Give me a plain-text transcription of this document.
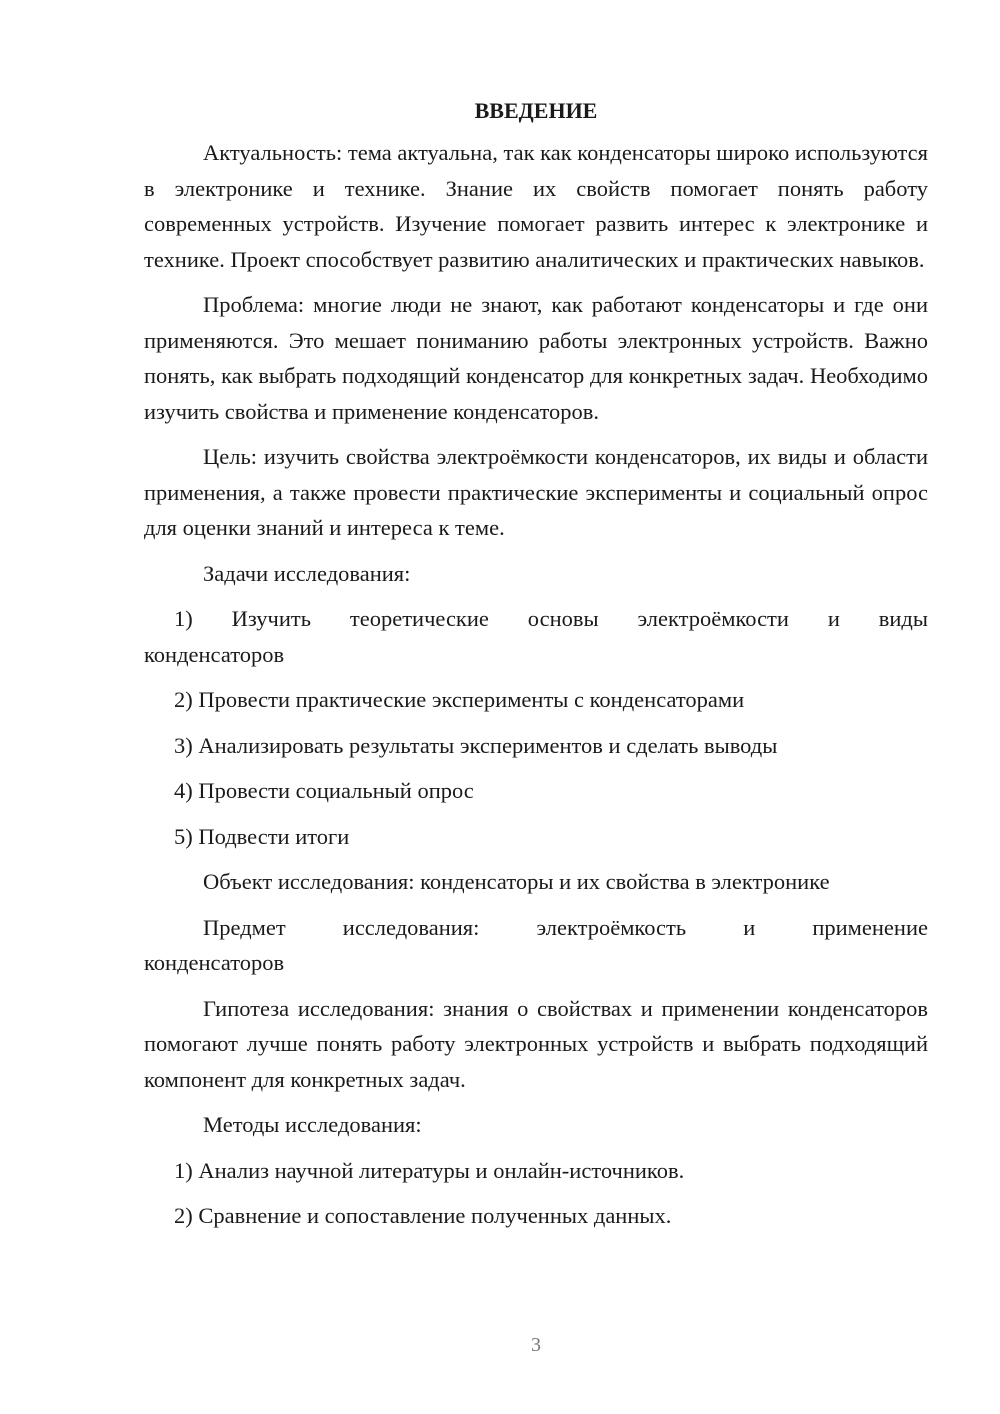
ВВЕДЕНИЕ

Актуальность: тема актуальна, так как конденсаторы широко используются в электронике и технике. Знание их свойств помогает понять работу современных устройств. Изучение помогает развить интерес к электронике и технике. Проект способствует развитию аналитических и практических навыков.

Проблема: многие люди не знают, как работают конденсаторы и где они применяются. Это мешает пониманию работы электронных устройств. Важно понять, как выбрать подходящий конденсатор для конкретных задач. Необходимо изучить свойства и применение конденсаторов.

Цель: изучить свойства электроёмкости конденсаторов, их виды и области применения, а также провести практические эксперименты и социальный опрос для оценки знаний и интереса к теме.

Задачи исследования:

1) Изучить теоретические основы электроёмкости и виды
конденсаторов

2) Провести практические эксперименты с конденсаторами

3) Анализировать результаты экспериментов и сделать выводы

4) Провести социальный опрос

5) Подвести итоги

Объект исследования: конденсаторы и их свойства в электронике

Предмет	исследования:	электроёмкость	и	применение
конденсаторов

Гипотеза исследования: знания о свойствах и применении конденсаторов помогают лучше понять работу электронных устройств и выбрать подходящий компонент для конкретных задач.

Методы исследования:

1) Анализ научной литературы и онлайн-источников.

2) Сравнение и сопоставление полученных данных.

3
